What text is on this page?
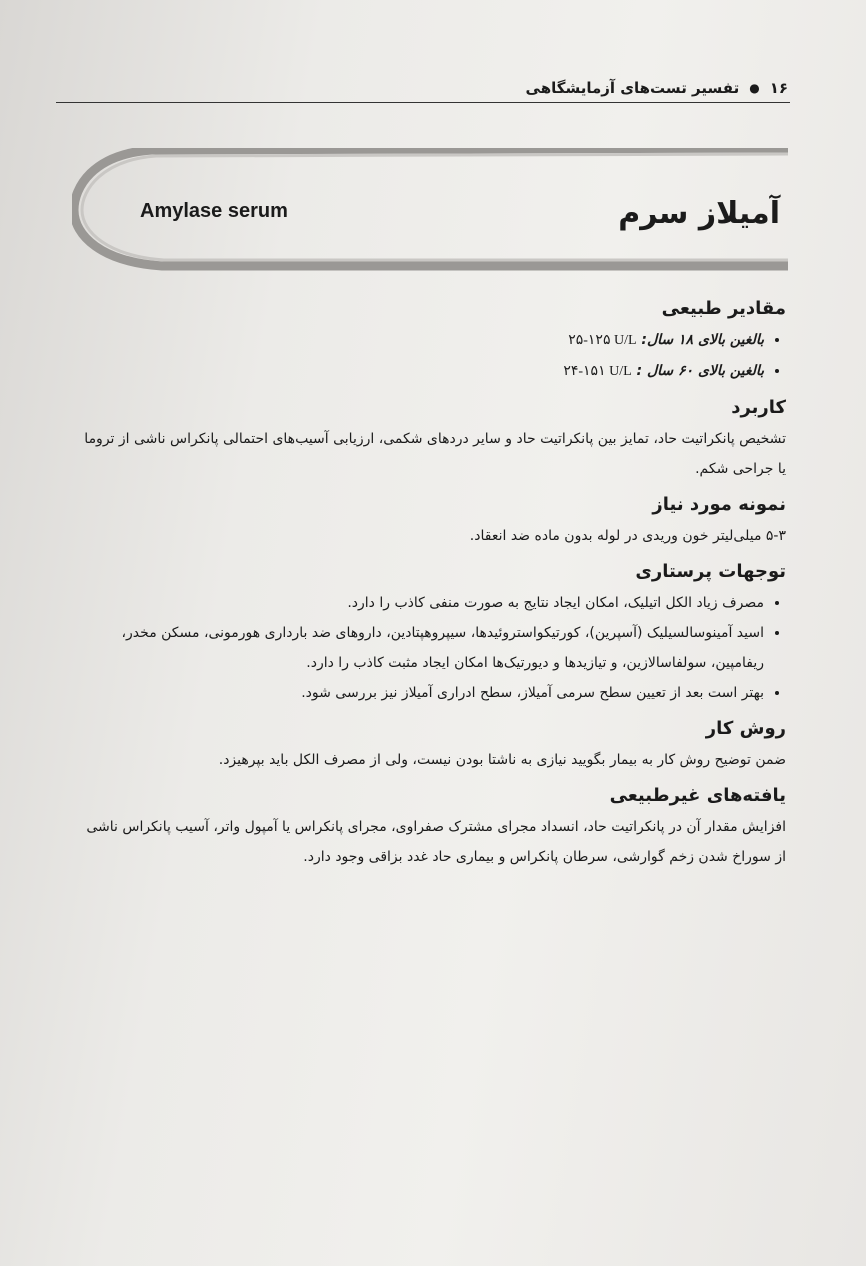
۱۶
●
تفسیر تست‌های آزمایشگاهی
آمیلاز سرم
Amylase serum
مقادیر طبیعی
• بالغین بالای ۱۸ سال: ۲۵-۱۲۵ U/L
• بالغین بالای ۶۰ سال : ۲۴-۱۵۱ U/L
کاربرد

تشخیص پانکراتیت حاد، تمایز بین پانکراتیت حاد و سایر دردهای شکمی، ارزیابی آسیب‌های احتمالی پانکراس ناشی از تروما یا جراحی شکم.

نمونه مورد نیاز

۵-۳ میلی‌لیتر خون وریدی در لوله بدون ماده ضد انعقاد.

توجهات پرستاری
• مصرف زیاد الکل اتیلیک، امکان ایجاد نتایج به صورت منفی کاذب را دارد.
• اسید آمینوسالسیلیک (آسپرین)، کورتیکواستروئیدها، سیپروهپتادین، داروهای ضد بارداری هورمونی، مسکن مخدر، ریفامپین، سولفاسالازین، و تیازیدها و دیورتیک‌ها امکان ایجاد مثبت کاذب را دارد.
• بهتر است بعد از تعیین سطح سرمی آمیلاز، سطح ادراری آمیلاز نیز بررسی شود.
روش کار

ضمن توضیح روش کار به بیمار بگویید نیازی به ناشتا بودن نیست، ولی از مصرف الکل باید بپرهیزد.

یافته‌های غیرطبیعی

افزایش مقدار آن در پانکراتیت حاد، انسداد مجرای مشترک صفراوی، مجرای پانکراس یا آمپول واتر، آسیب پانکراس ناشی از سوراخ شدن زخم گوارشی، سرطان پانکراس و بیماری حاد غدد بزاقی وجود دارد.
